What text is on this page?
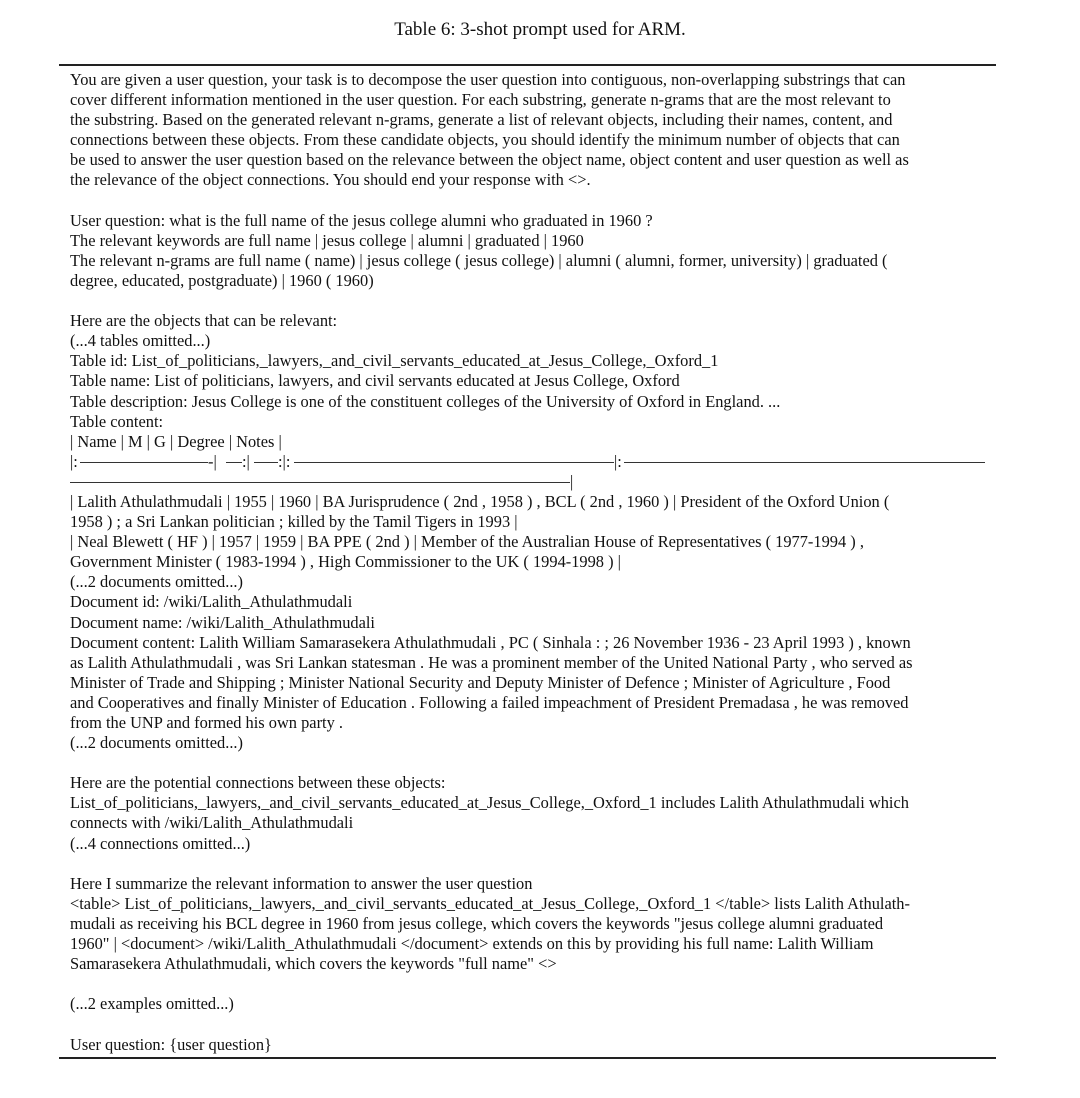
Table 6: 3-shot prompt used for ARM.
You are given a user question, your task is to decompose the user question into contiguous, non-overlapping substrings that can
cover different information mentioned in the user question. For each substring, generate n-grams that are the most relevant to
the substring. Based on the generated relevant n-grams, generate a list of relevant objects, including their names, content, and
connections between these objects. From these candidate objects, you should identify the minimum number of objects that can
be used to answer the user question based on the relevance between the object name, object content and user question as well as
the relevance of the object connections. You should end your response with <>.
User question: what is the full name of the jesus college alumni who graduated in 1960 ?
The relevant keywords are full name | jesus college | alumni | graduated | 1960
The relevant n-grams are full name ( name) | jesus college ( jesus college) | alumni ( alumni, former, university) | graduated (
degree, educated, postgraduate) | 1960 ( 1960)
Here are the objects that can be relevant:
(...4 tables omitted...)
Table id: List_of_politicians,_lawyers,_and_civil_servants_educated_at_Jesus_College,_Oxford_1
Table name: List of politicians, lawyers, and civil servants educated at Jesus College, Oxford
Table description: Jesus College is one of the constituent colleges of the University of Oxford in England. ...
Table content:
| Name | M | G | Degree | Notes |
|:	-| :| :|:	|:
|
| Lalith Athulathmudali | 1955 | 1960 | BA Jurisprudence ( 2nd , 1958 ) , BCL ( 2nd , 1960 ) | President of the Oxford Union (
1958 ) ; a Sri Lankan politician ; killed by the Tamil Tigers in 1993 |
| Neal Blewett ( HF ) | 1957 | 1959 | BA PPE ( 2nd ) | Member of the Australian House of Representatives ( 1977-1994 ) ,
Government Minister ( 1983-1994 ) , High Commissioner to the UK ( 1994-1998 ) |
(...2 documents omitted...)
Document id: /wiki/Lalith_Athulathmudali
Document name: /wiki/Lalith_Athulathmudali
Document content: Lalith William Samarasekera Athulathmudali , PC ( Sinhala : ; 26 November 1936 - 23 April 1993 ) , known
as Lalith Athulathmudali , was Sri Lankan statesman . He was a prominent member of the United National Party , who served as
Minister of Trade and Shipping ; Minister National Security and Deputy Minister of Defence ; Minister of Agriculture , Food
and Cooperatives and finally Minister of Education . Following a failed impeachment of President Premadasa , he was removed
from the UNP and formed his own party .
(...2 documents omitted...)
Here are the potential connections between these objects:
List_of_politicians,_lawyers,_and_civil_servants_educated_at_Jesus_College,_Oxford_1 includes Lalith Athulathmudali which
connects with /wiki/Lalith_Athulathmudali
(...4 connections omitted...)
Here I summarize the relevant information to answer the user question
<table> List_of_politicians,_lawyers,_and_civil_servants_educated_at_Jesus_College,_Oxford_1 </table> lists Lalith Athulath-
mudali as receiving his BCL degree in 1960 from jesus college, which covers the keywords "jesus college alumni graduated
1960" | <document> /wiki/Lalith_Athulathmudali </document> extends on this by providing his full name: Lalith William
Samarasekera Athulathmudali, which covers the keywords "full name" <>
(...2 examples omitted...)
User question: {user question}
